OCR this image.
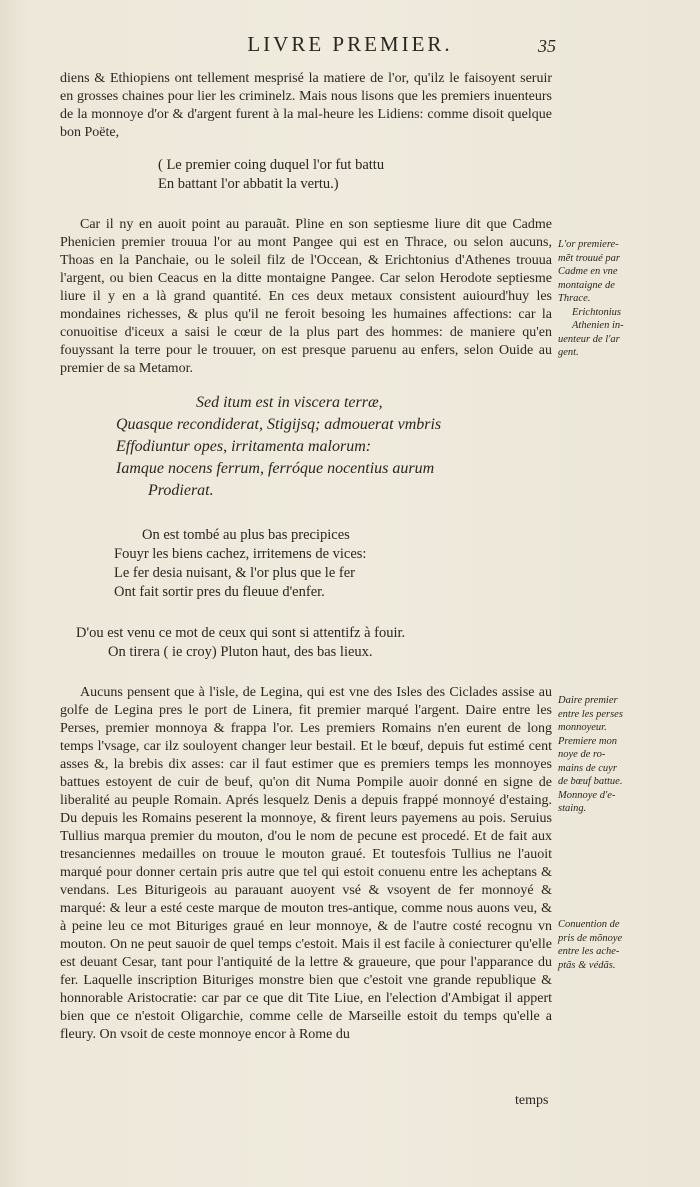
LIVRE PREMIER.	35

diens & Ethiopiens ont tellement mesprisé la matiere de l'or, qu'ilz le faisoyent seruir en grosses chaines pour lier les criminelz. Mais nous lisons que les premiers inuenteurs de la monnoye d'or & d'argent furent à la mal-heure les Lidiens: comme disoit quelque bon Poëte,

( Le premier coing duquel l'or fut battu
En battant l'or abbatit la vertu.)

Car il ny en auoit point au parauãt. Pline en son septiesme liure dit que Cadme Phenicien premier trouua l'or au mont Pangee qui est en Thrace, ou selon aucuns, Thoas en la Panchaie, ou le soleil filz de l'Occean, & Erichtonius d'Athenes trouua l'argent, ou bien Ceacus en la ditte montaigne Pangee. Car selon Herodote septiesme liure il y en a là grand quantité. En ces deux metaux consistent auiourd'huy les mondaines richesses, & plus qu'il ne feroit besoing les humaines affections: car la conuoitise d'iceux a saisi le cœur de la plus part des hommes: de maniere qu'en fouyssant la terre pour le trouuer, on est presque paruenu au enfers, selon Ouide au premier de sa Metamor.

L'or premiere-
mẽt trouué par
Cadme en vne
montaigne de
Thrace.
Erichtonius
Athenien in-
uenteur de l'ar
gent.
Sed itum est in viscera terræ,
Quasque recondiderat, Stigijsq; admouerat vmbris
Effodiuntur opes, irritamenta malorum:
Iamque nocens ferrum, ferróque nocentius aurum
Prodierat.
On est tombé au plus bas precipices
Fouyr les biens cachez, irritemens de vices:
Le fer desia nuisant, & l'or plus que le fer
Ont fait sortir pres du fleuue d'enfer.
D'ou est venu ce mot de ceux qui sont si attentifz à fouir.
On tirera ( ie croy) Pluton haut, des bas lieux.

Aucuns pensent que à l'isle, de Legina, qui est vne des Isles des Ciclades assise au golfe de Legina pres le port de Linera, fit premier marqué l'argent. Daire entre les Perses, premier monnoya & frappa l'or. Les premiers Romains n'en eurent de long temps l'vsage, car ilz souloyent changer leur bestail. Et le bœuf, depuis fut estimé cent asses &, la brebis dix asses: car il faut estimer que es premiers temps les monnoyes battues estoyent de cuir de beuf, qu'on dit Numa Pompile auoir donné en signe de liberalité au peuple Romain. Aprés lesquelz Denis a depuis frappé monnoyé d'estaing. Du depuis les Romains peserent la monnoye, & firent leurs payemens au pois. Seruius Tullius marqua premier du mouton, d'ou le nom de pecune est procedé. Et de fait aux tresanciennes medailles on trouue le mouton graué. Et toutesfois Tullius ne l'auoit marqué pour donner certain pris autre que tel qui estoit conuenu entre les acheptans & vendans. Les Biturigeois au parauant auoyent vsé & vsoyent de fer monnoyé & marqué: & leur a esté ceste marque de mouton tres-antique, comme nous auons veu, & à peine leu ce mot Bituriges graué en leur monnoye, & de l'autre costé recognu vn mouton. On ne peut sauoir de quel temps c'estoit. Mais il est facile à coniecturer qu'elle est deuant Cesar, tant pour l'antiquité de la lettre & graueure, que pour l'apparance du fer. Laquelle inscription Bituriges monstre bien que c'estoit vne grande republique & honnorable Aristocratie: car par ce que dit Tite Liue, en l'election d'Ambigat il appert bien que ce n'estoit Oligarchie, comme celle de Marseille estoit du temps qu'elle a fleury. On vsoit de ceste monnoye encor à Rome du

Daire premier
entre les perses
monnoyeur.
Premiere mon
noye de ro-
mains de cuyr
de bœuf battue.
Monnoye d'e-
staing.
Conuention de
pris de mõnoye
entre les ache-
ptãs & védãs.
temps
